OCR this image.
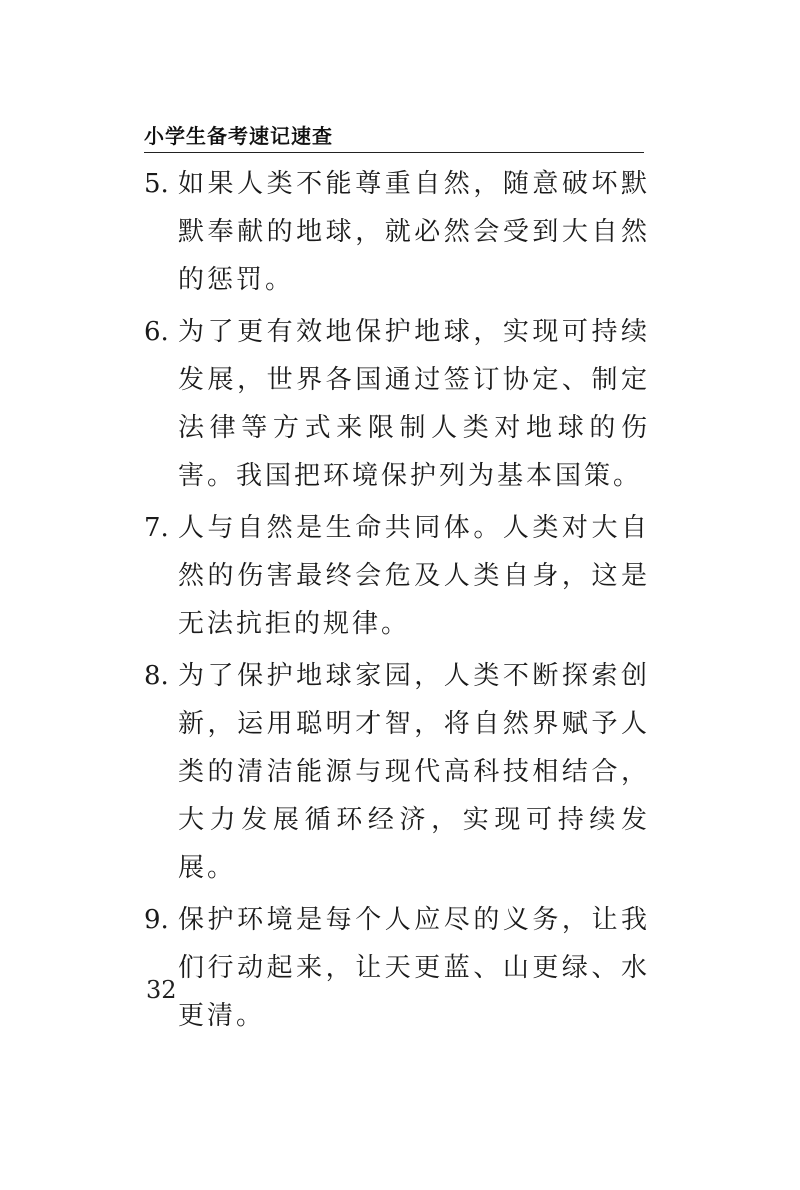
小学生备考速记速查
5. 如果人类不能尊重自然，随意破坏默默奉献的地球，就必然会受到大自然的惩罚。
6. 为了更有效地保护地球，实现可持续发展，世界各国通过签订协定、制定法律等方式来限制人类对地球的伤害。我国把环境保护列为基本国策。
7. 人与自然是生命共同体。人类对大自然的伤害最终会危及人类自身，这是无法抗拒的规律。
8. 为了保护地球家园，人类不断探索创新，运用聪明才智，将自然界赋予人类的清洁能源与现代高科技相结合，大力发展循环经济，实现可持续发展。
9. 保护环境是每个人应尽的义务，让我们行动起来，让天更蓝、山更绿、水更清。
32
